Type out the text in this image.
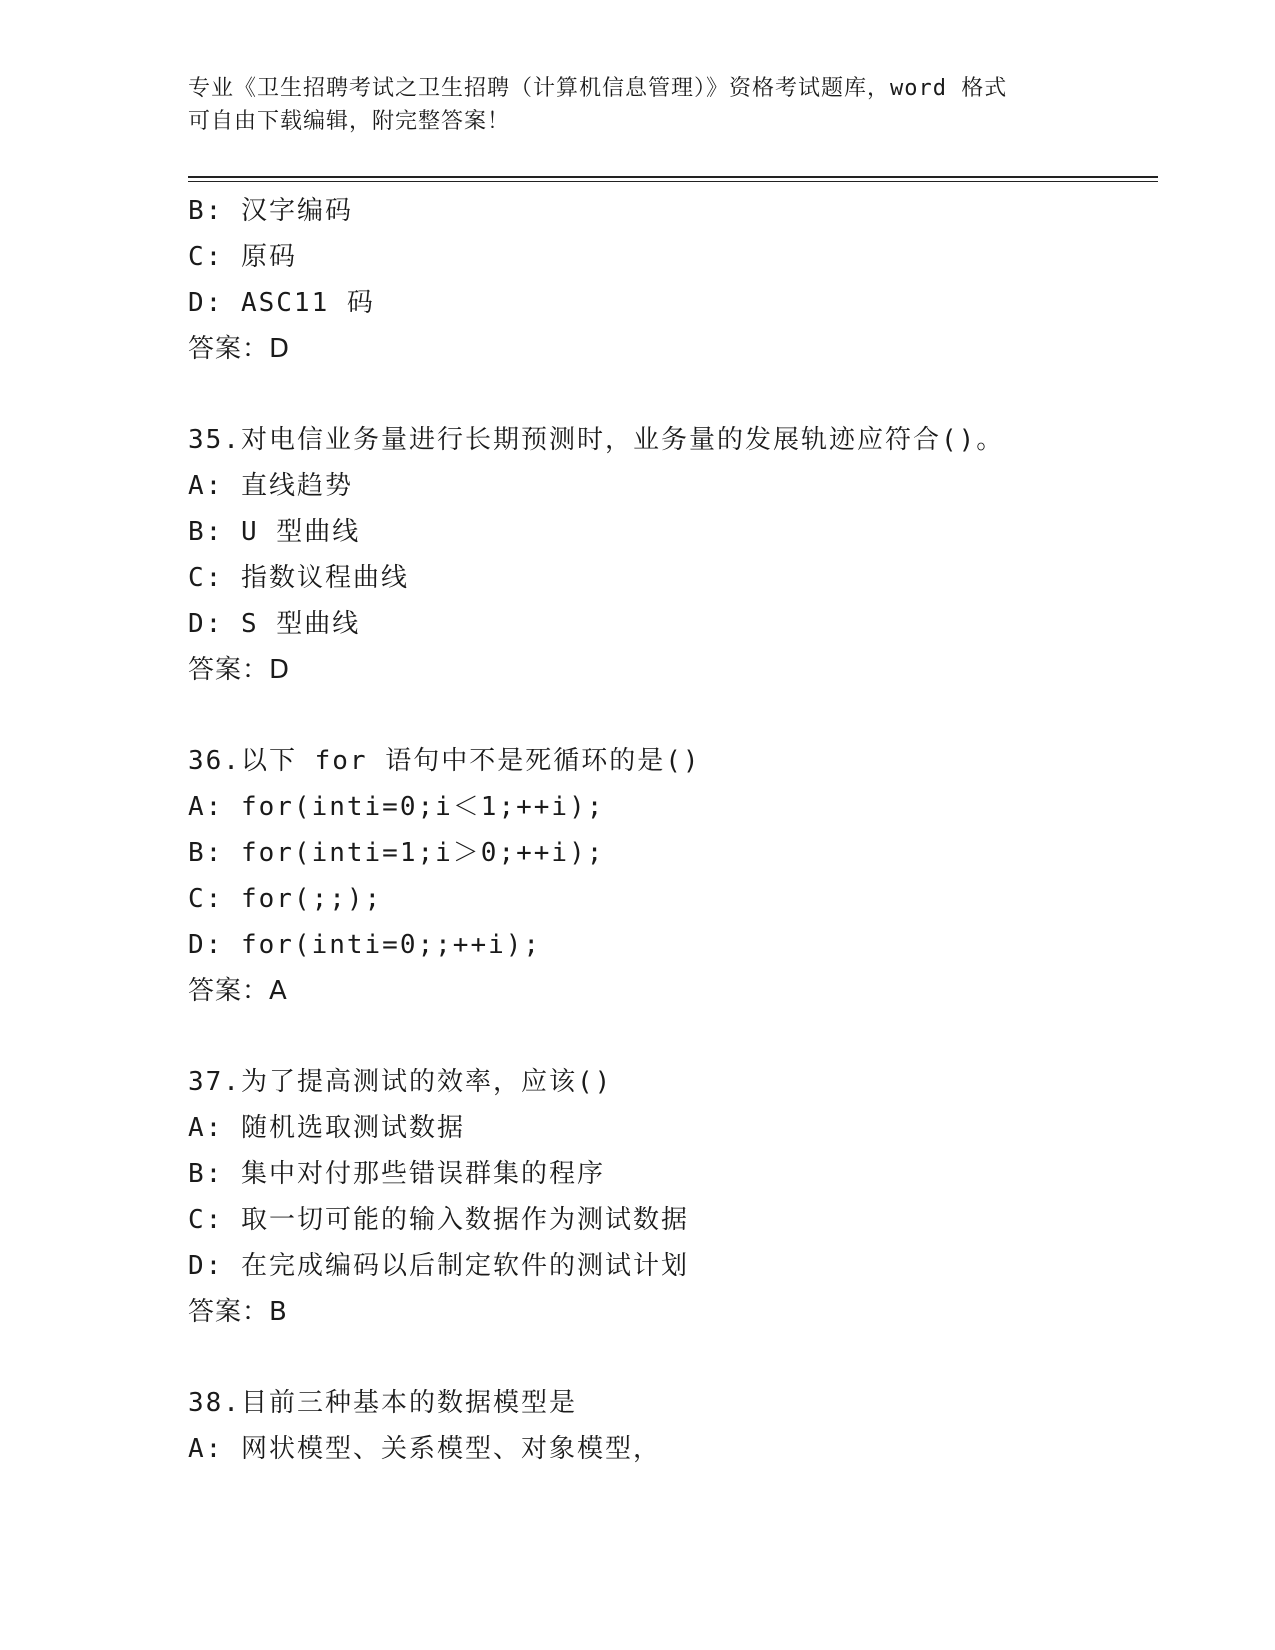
专业《卫生招聘考试之卫生招聘（计算机信息管理）》资格考试题库，word 格式
可自由下载编辑，附完整答案！
B: 汉字编码
C: 原码
D: ASC11 码
答案：D
35.对电信业务量进行长期预测时，业务量的发展轨迹应符合()。
A: 直线趋势
B: U 型曲线
C: 指数议程曲线
D: S 型曲线
答案：D
36.以下 for 语句中不是死循环的是()
A: for(inti=0;i＜1;++i);
B: for(inti=1;i＞0;++i);
C: for(;;);
D: for(inti=0;;++i);
答案：A
37.为了提高测试的效率，应该()
A: 随机选取测试数据
B: 集中对付那些错误群集的程序
C: 取一切可能的输入数据作为测试数据
D: 在完成编码以后制定软件的测试计划
答案：B
38.目前三种基本的数据模型是
A: 网状模型、关系模型、对象模型，
